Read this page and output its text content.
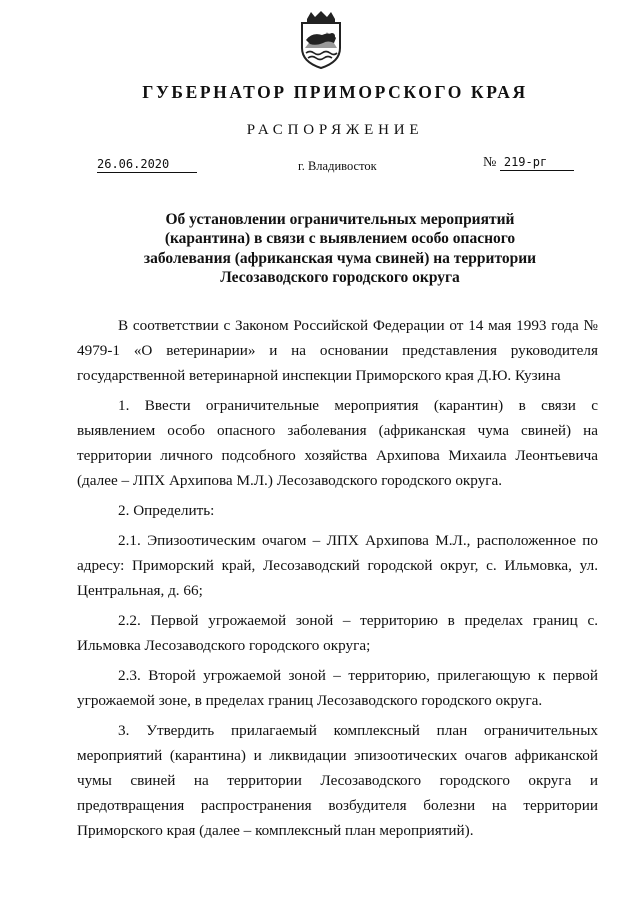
ГУБЕРНАТОР ПРИМОРСКОГО КРАЯ
РАСПОРЯЖЕНИЕ
26.06.2020	г. Владивосток	№ 219-рг
Об установлении ограничительных мероприятий
(карантина) в связи с выявлением особо опасного
заболевания (африканская чума свиней) на территории
Лесозаводского городского округа

В соответствии с Законом Российской Федерации от 14 мая 1993 года № 4979-1 «О ветеринарии» и на основании представления руководителя государственной ветеринарной инспекции Приморского края Д.Ю. Кузина

1. Ввести ограничительные мероприятия (карантин) в связи с выявлением особо опасного заболевания (африканская чума свиней) на территории личного подсобного хозяйства Архипова Михаила Леонтьевича (далее – ЛПХ Архипова М.Л.) Лесозаводского городского округа.

2. Определить:

2.1. Эпизоотическим очагом – ЛПХ Архипова М.Л., расположенное по адресу: Приморский край, Лесозаводский городской округ, с. Ильмовка, ул. Центральная, д. 66;

2.2. Первой угрожаемой зоной – территорию в пределах границ с. Ильмовка Лесозаводского городского округа;

2.3. Второй угрожаемой зоной – территорию, прилегающую к первой угрожаемой зоне, в пределах границ Лесозаводского городского округа.

3. Утвердить прилагаемый комплексный план ограничительных мероприятий (карантина) и ликвидации эпизоотических очагов африканской чумы свиней на территории Лесозаводского городского округа и предотвращения распространения возбудителя болезни на территории Приморского края (далее – комплексный план мероприятий).
